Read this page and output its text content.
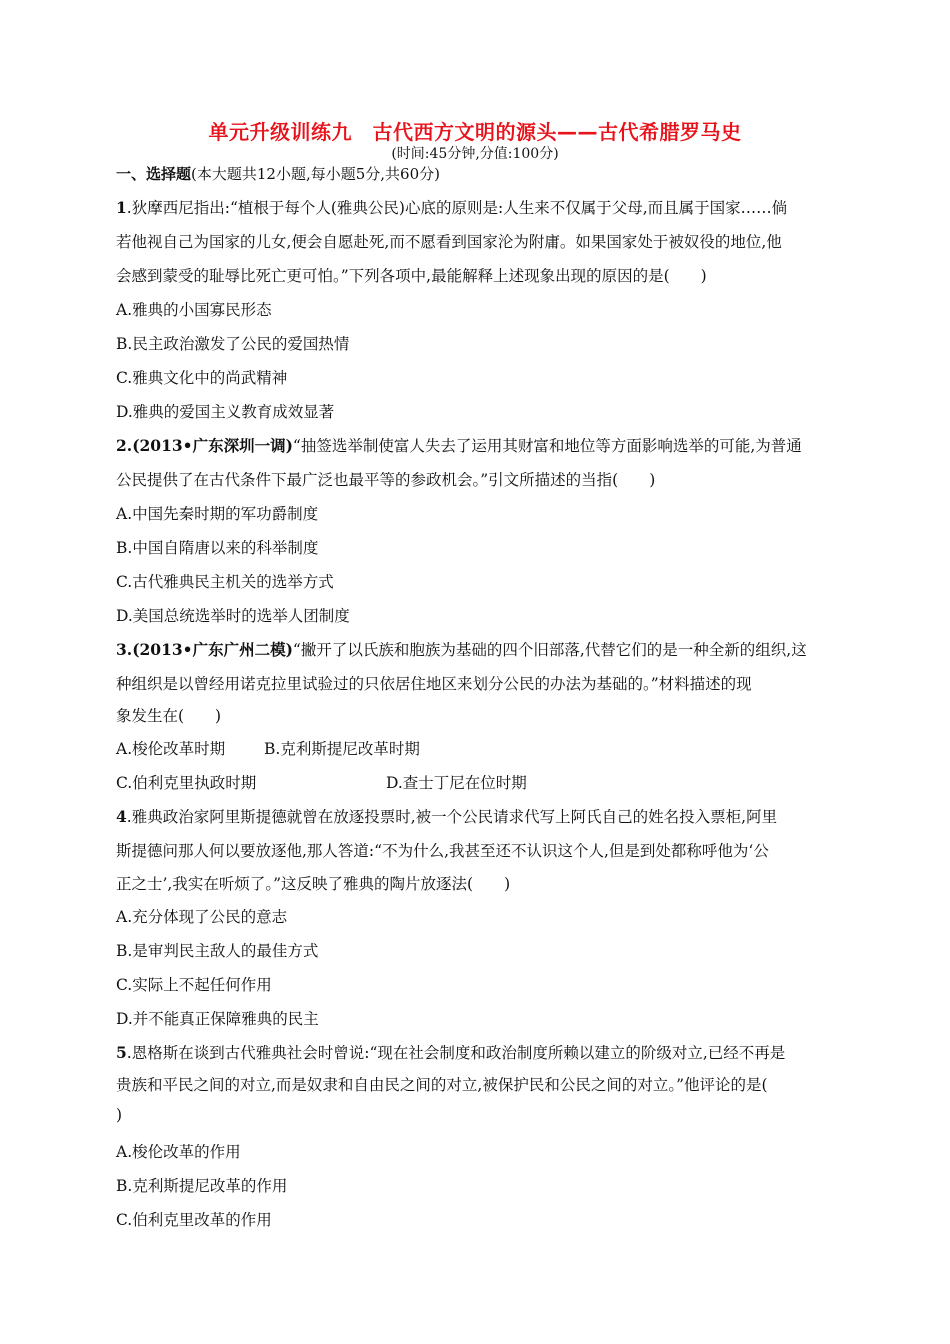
单元升级训练九　古代西方文明的源头——古代希腊罗马史
(时间:45分钟,分值:100分)
一、选择题(本大题共12小题,每小题5分,共60分)
1.狄摩西尼指出:“植根于每个人(雅典公民)心底的原则是:人生来不仅属于父母,而且属于国家……倘
若他视自己为国家的儿女,便会自愿赴死,而不愿看到国家沦为附庸。如果国家处于被奴役的地位,他
会感到蒙受的耻辱比死亡更可怕。”下列各项中,最能解释上述现象出现的原因的是(　　)
A.雅典的小国寡民形态
B.民主政治激发了公民的爱国热情
C.雅典文化中的尚武精神
D.雅典的爱国主义教育成效显著
2.(2013•广东深圳一调)“抽签选举制使富人失去了运用其财富和地位等方面影响选举的可能,为普通
公民提供了在古代条件下最广泛也最平等的参政机会。”引文所描述的当指(　　)
A.中国先秦时期的军功爵制度
B.中国自隋唐以来的科举制度
C.古代雅典民主机关的选举方式
D.美国总统选举时的选举人团制度
3.(2013•广东广州二模)“撇开了以氏族和胞族为基础的四个旧部落,代替它们的是一种全新的组织,这
种组织是以曾经用诺克拉里试验过的只依居住地区来划分公民的办法为基础的。”材料描述的现
象发生在(　　)
A.梭伦改革时期	B.克利斯提尼改革时期
C.伯利克里执政时期	D.查士丁尼在位时期
4.雅典政治家阿里斯提德就曾在放逐投票时,被一个公民请求代写上阿氏自己的姓名投入票柜,阿里
斯提德问那人何以要放逐他,那人答道:“不为什么,我甚至还不认识这个人,但是到处都称呼他为‘公
正之士’,我实在听烦了。”这反映了雅典的陶片放逐法(　　)
A.充分体现了公民的意志
B.是审判民主敌人的最佳方式
C.实际上不起任何作用
D.并不能真正保障雅典的民主
5.恩格斯在谈到古代雅典社会时曾说:“现在社会制度和政治制度所赖以建立的阶级对立,已经不再是
贵族和平民之间的对立,而是奴隶和自由民之间的对立,被保护民和公民之间的对立。”他评论的是(
)
A.梭伦改革的作用
B.克利斯提尼改革的作用
C.伯利克里改革的作用
